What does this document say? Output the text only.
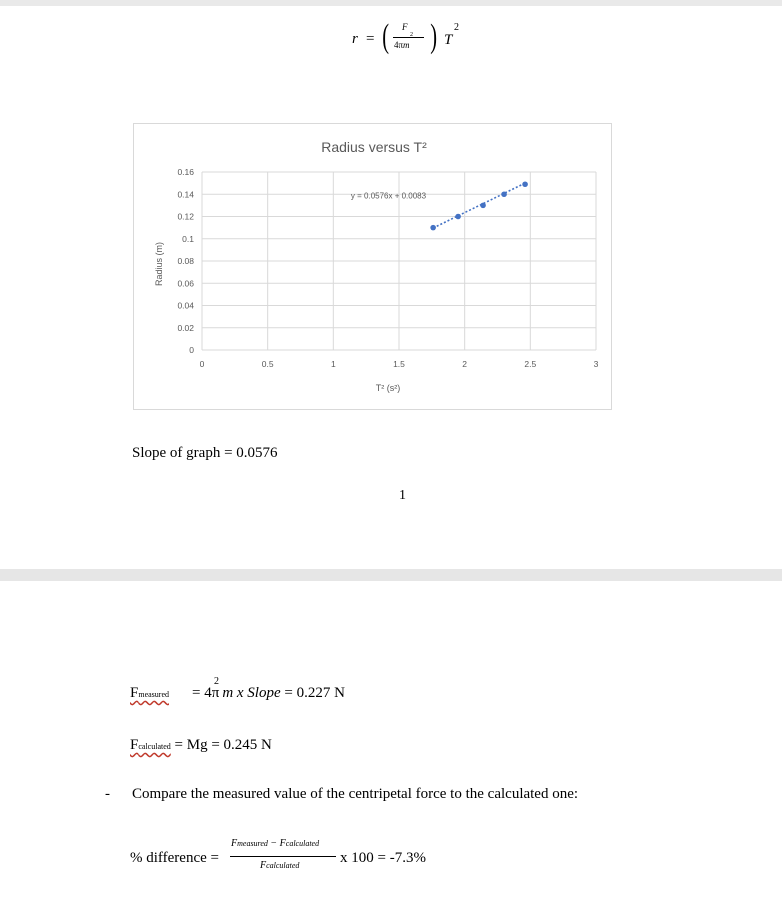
r = ( F
4πm
2 ) T
2
Radius versus T²
T² (s²)
Radius (m)
0
0.02
0.04
0.06
0.08
0.1
0.12
0.14
0.16
0	0.5	1	1.5	2	2.5	3
y = 0.0576x + 0.0083
Slope of graph = 0.0576
1
Fmeasured
2
= 4π  m x Slope = 0.227 N
Fcalculated = Mg = 0.245 N
- Compare the measured value of the centripetal force to the calculated one:
% difference =
Fmeasured − Fcalculated
Fcalculated	x 100 = -7.3%
